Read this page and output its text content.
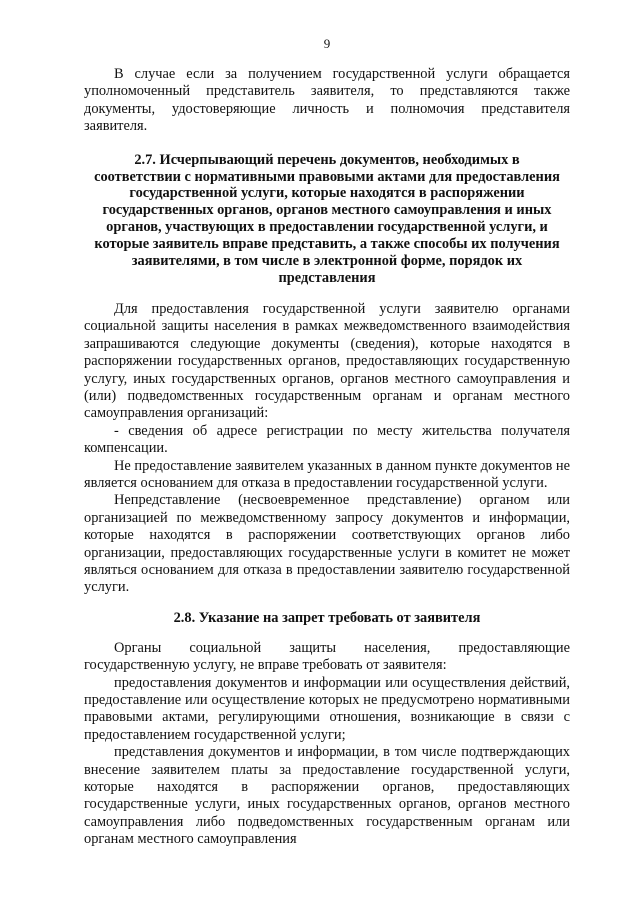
9

В случае если за получением государственной услуги обращается уполномоченный представитель заявителя, то представляются также документы, удостоверяющие личность и полномочия представителя заявителя.

2.7. Исчерпывающий перечень документов, необходимых в соответствии с нормативными правовыми актами для предоставления государственной услуги, которые находятся в распоряжении государственных органов, органов местного самоуправления и иных органов, участвующих в предоставлении государственной услуги, и которые заявитель вправе представить, а также способы их получения заявителями, в том числе в электронной форме, порядок их представления

Для предоставления государственной услуги заявителю органами социальной защиты населения в рамках межведомственного взаимодействия запрашиваются следующие документы (сведения), которые находятся в распоряжении государственных органов, предоставляющих государственную услугу, иных государственных органов, органов местного самоуправления и (или) подведомственных государственным органам и органам местного самоуправления организаций:

- сведения об адресе регистрации по месту жительства получателя компенсации.

Не предоставление заявителем указанных в данном пункте документов не является основанием для отказа в предоставлении государственной услуги.

Непредставление (несвоевременное представление) органом или организацией по межведомственному запросу документов и информации, которые находятся в распоряжении соответствующих органов либо организации, предоставляющих государственные услуги в комитет не может являться основанием для отказа в предоставлении заявителю государственной услуги.

2.8. Указание на запрет требовать от заявителя

Органы социальной защиты населения, предоставляющие государственную услугу, не вправе требовать от заявителя:

предоставления документов и информации или осуществления действий, предоставление или осуществление которых не предусмотрено нормативными правовыми актами, регулирующими отношения, возникающие в связи с предоставлением государственной услуги;

представления документов и информации, в том числе подтверждающих внесение заявителем платы за предоставление государственной услуги, которые находятся в распоряжении органов, предоставляющих государственные услуги, иных государственных органов, органов местного самоуправления либо подведомственных государственным органам или органам местного самоуправления
